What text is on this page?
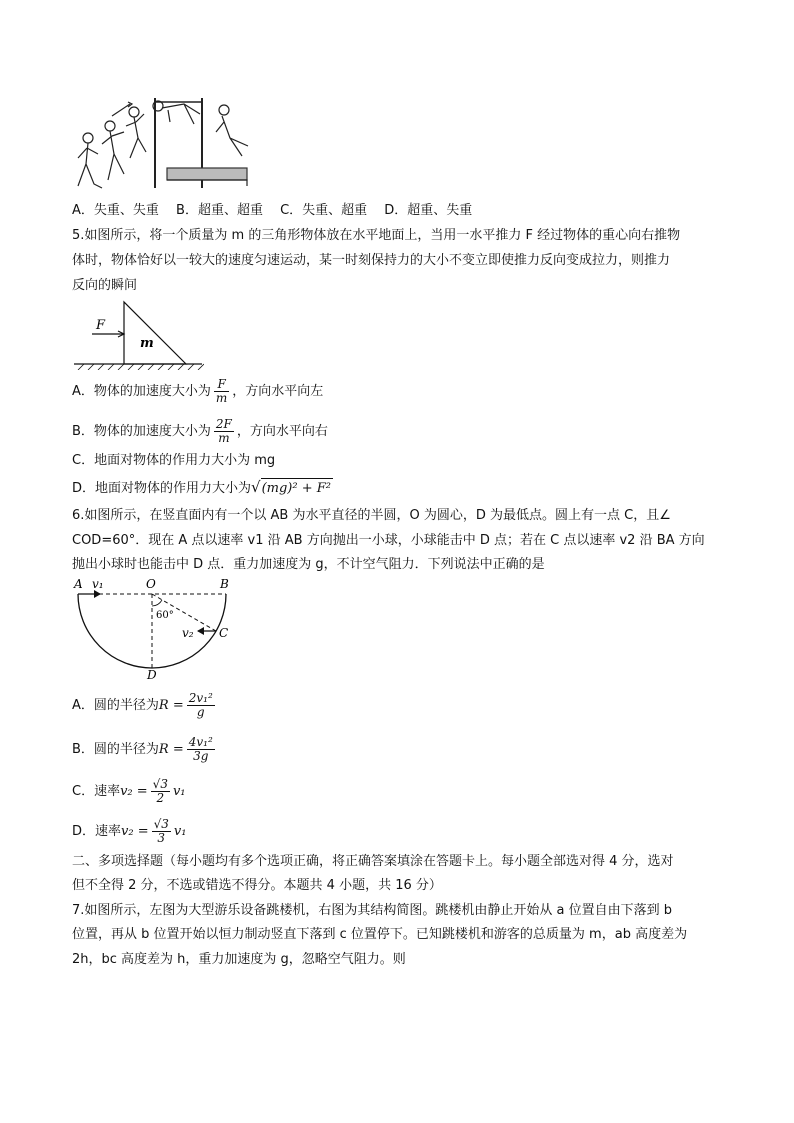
A．失重、失重　 B．超重、超重　 C．失重、超重　 D．超重、失重
5.如图所示，将一个质量为 m 的三角形物体放在水平地面上，当用一水平推力 F 经过物体的重心向右推物
体时，物体恰好以一较大的速度匀速运动，某一时刻保持力的大小不变立即使推力反向变成拉力，则推力
反向的瞬间
F
m
A．物体的加速度大小为 $\frac{F}{m}$ ，方向水平向左
B．物体的加速度大小为 $\frac{2F}{m}$ ，方向水平向右
C．地面对物体的作用力大小为 mg
D．地面对物体的作用力大小为√(mg)² + F²
6.如图所示，在竖直面内有一个以 AB 为水平直径的半圆，O 为圆心，D 为最低点。圆上有一点 C，且∠
COD=60°．现在 A 点以速率 v1 沿 AB 方向抛出一小球，小球能击中 D 点；若在 C 点以速率 v2 沿 BA 方向
抛出小球时也能击中 D 点．重力加速度为 g，不计空气阻力．下列说法中正确的是
A v₁	O	B
60°
v₂ C
D
A．圆的半径为$R = \frac{\text{2v₁²}}{g}$
B．圆的半径为$R = \frac{\text{4v₁²}}{3g}$
C．速率$v_2 = \frac{√3}{2} v_1$
D．速率$v_2 = \frac{√3}{3} v_1$
二、多项选择题（每小题均有多个选项正确，将正确答案填涂在答题卡上。每小题全部选对得 4 分，选对
但不全得 2 分，不选或错选不得分。本题共 4 小题，共 16 分）
7.如图所示，左图为大型游乐设备跳楼机，右图为其结构简图。跳楼机由静止开始从 a 位置自由下落到 b
位置，再从 b 位置开始以恒力制动竖直下落到 c 位置停下。已知跳楼机和游客的总质量为 m，ab 高度差为
2h，bc 高度差为 h，重力加速度为 g，忽略空气阻力。则
